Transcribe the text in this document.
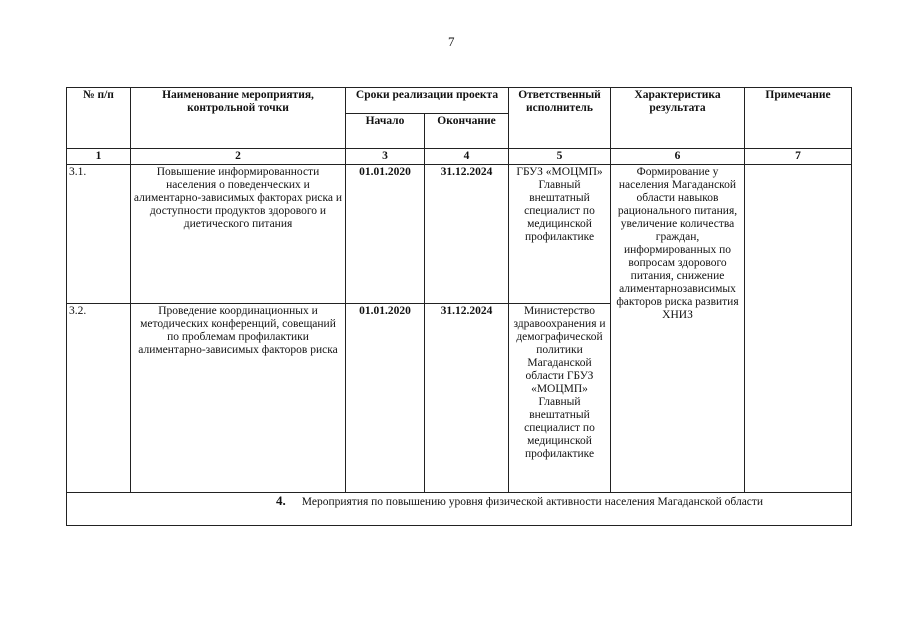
7
№ п/п	Наименование мероприятия, контрольной точки	Сроки реализации проекта		Ответственный исполнитель	Характеристика результата	Примечание
		Начало	Окончание			
1	2	3	4	5	6	7
3.1.	Повышение информированности населения о поведенческих и алиментарно-зависимых факторах риска и доступности продуктов здорового и диетического питания	01.01.2020	31.12.2024	ГБУЗ «МОЦМП» Главный внештатный специалист по медицинской профилактике	Формирование у населения Магаданской области навыков рационального питания, увеличение количества граждан, информированных по вопросам здорового питания, снижение алиментарнозависимых факторов риска развития ХНИЗ	
3.2.	Проведение координационных и методических конференций, совещаний по проблемам профилактики алиментарно-зависимых факторов риска	01.01.2020	31.12.2024	Министерство здравоохранения и демографической политики Магаданской области ГБУЗ «МОЦМП» Главный внештатный специалист по медицинской профилактике		
4. Мероприятия по повышению уровня физической активности населения Магаданской области						
